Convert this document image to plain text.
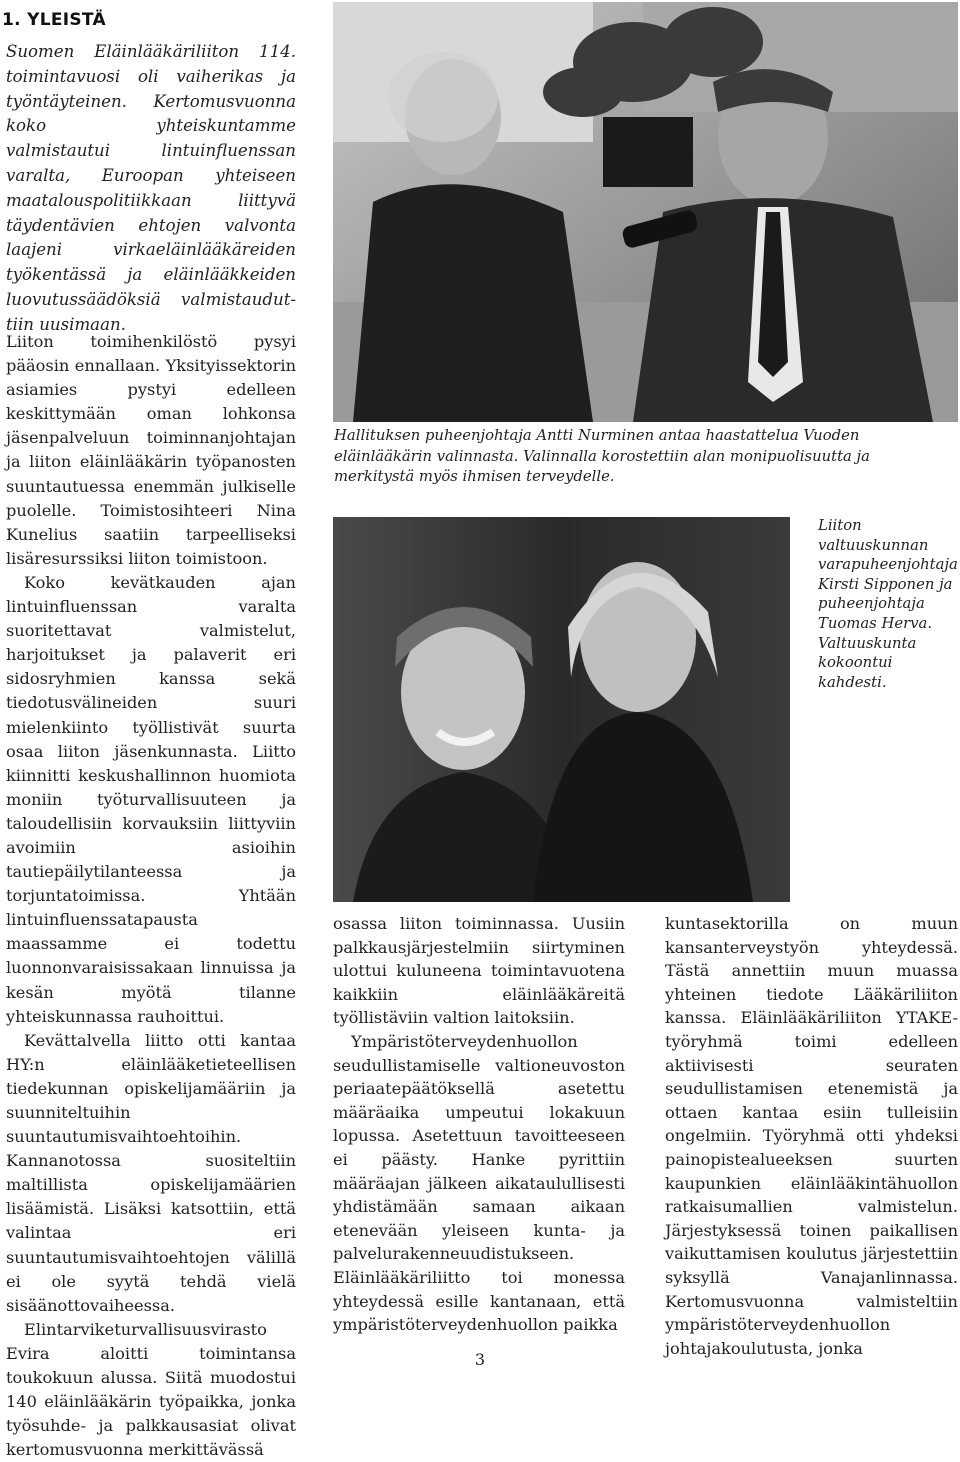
1. YLEISTÄ
Suomen Eläinlääkäriliiton 114. toimintavuosi oli vaiherikas ja työntäyteinen. Kertomusvuonna koko yhteiskuntamme valmistautui lintuinfluenssan varalta, Euroopan yhteiseen maatalouspolitiikkaan liittyvä täydentävien ehtojen valvonta laajeni virkaeläinlääkäreiden työkentässä ja eläinlääkkeiden luovutussäädöksiä valmistauduttiin uusimaan.

Liiton toimihenkilöstö pysyi pääosin ennallaan. Yksityissektorin asiamies pystyi edelleen keskittymään oman lohkonsa jäsenpalveluun toiminnanjohtajan ja liiton eläinlääkärin työpanosten suuntautuessa enemmän julkiselle puolelle. Toimistosihteeri Nina Kunelius saatiin tarpeelliseksi lisäresurssiksi liiton toimistoon.

Koko kevätkauden ajan lintuinfluenssan varalta suoritettavat valmistelut, harjoitukset ja palaverit eri sidosryhmien kanssa sekä tiedotusvälineiden suuri mielenkiinto työllistivät suurta osaa liiton jäsenkunnasta. Liitto kiinnitti keskushallinnon huomiota moniin työturvallisuuteen ja taloudellisiin korvauksiin liittyviin avoimiin asioihin tautiepäilytilanteessa ja torjuntatoimissa. Yhtään lintuinfluenssatapausta maassamme ei todettu luonnonvaraisissakaan linnuissa ja kesän myötä tilanne yhteiskunnassa rauhoittui.

Kevättalvella liitto otti kantaa HY:n eläinlääketieteellisen tiedekunnan opiskelijamääriin ja suunniteltuihin suuntautumisvaihtoehtoihin. Kannanotossa suositeltiin maltillista opiskelijamäärien lisäämistä. Lisäksi katsottiin, että valintaa eri suuntautumisvaihtoehtojen välillä ei ole syytä tehdä vielä sisäänottovaiheessa.

Elintarviketurvallisuusvirasto Evira aloitti toimintansa toukokuun alussa. Siitä muodostui 140 eläinlääkärin työpaikka, jonka työsuhde- ja palkkausasiat olivat kertomusvuonna merkittävässä

Hallituksen puheenjohtaja Antti Nurminen antaa haastattelua Vuoden eläinlääkärin valinnasta. Valinnalla korostettiin alan monipuolisuutta ja merkitystä myös ihmisen terveydelle.
Liiton valtuuskunnan varapuheenjohtaja Kirsti Sipponen ja puheenjohtaja Tuomas Herva. Valtuuskunta kokoontui kahdesti.

osassa liiton toiminnassa. Uusiin palkkausjärjestelmiin siirtyminen ulottui kuluneena toimintavuotena kaikkiin eläinlääkäreitä työllistäviin valtion laitoksiin.

Ympäristöterveydenhuollon seudullistamiselle valtioneuvoston periaatepäätöksellä asetettu määräaika umpeutui lokakuun lopussa. Asetettuun tavoitteeseen ei päästy. Hanke pyrittiin määräajan jälkeen aikataulullisesti yhdistämään samaan aikaan etenevään yleiseen kunta- ja palvelurakenneuudistukseen. Eläinlääkäriliitto toi monessa yhteydessä esille kantanaan, että ympäristöterveydenhuollon paikka

kuntasektorilla on muun kansanterveystyön yhteydessä. Tästä annettiin muun muassa yhteinen tiedote Lääkäriliiton kanssa. Eläinlääkäriliiton YTAKE-työryhmä toimi edelleen aktiivisesti seuraten seudullistamisen etenemistä ja ottaen kantaa esiin tulleisiin ongelmiin. Työryhmä otti yhdeksi painopistealueeksen suurten kaupunkien eläinlääkintähuollon ratkaisumallien valmistelun. Järjestyksessä toinen paikallisen vaikuttamisen koulutus järjestettiin syksyllä Vanajanlinnassa. Kertomusvuonna valmisteltiin ympäristöterveydenhuollon johtajakoulutusta, jonka

3
